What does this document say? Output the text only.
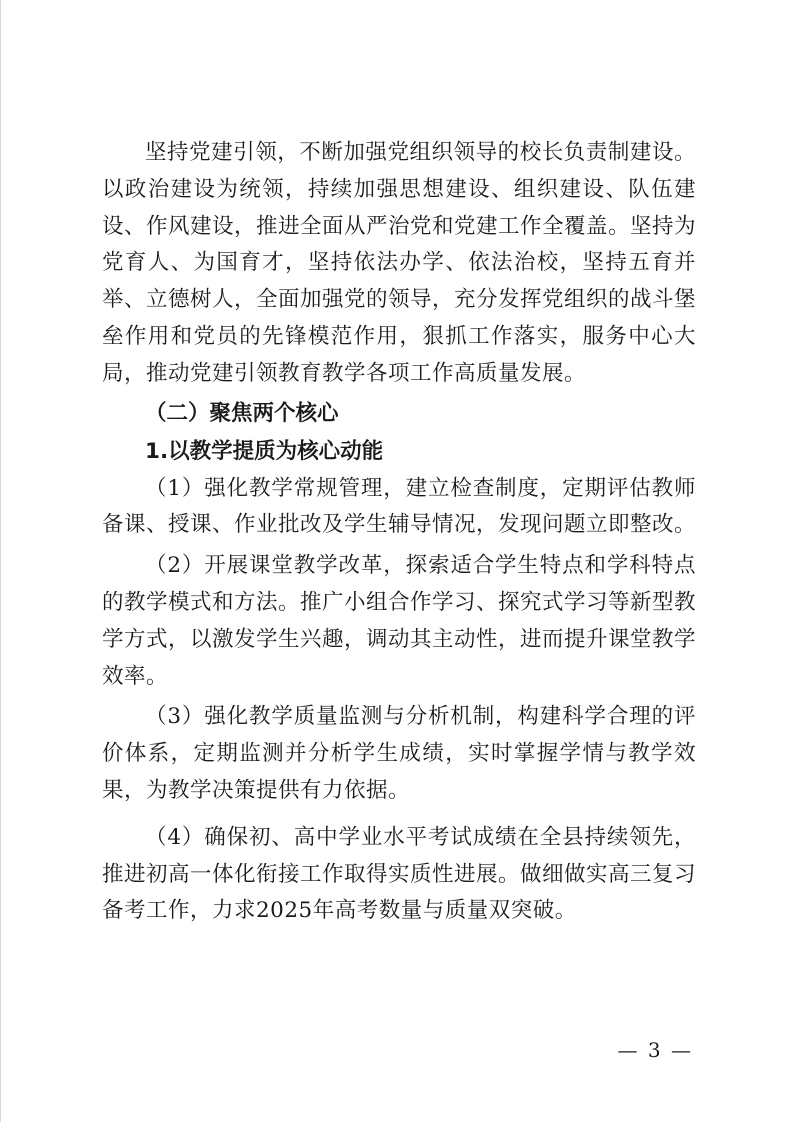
坚持党建引领，不断加强党组织领导的校长负责制建设。以政治建设为统领，持续加强思想建设、组织建设、队伍建设、作风建设，推进全面从严治党和党建工作全覆盖。坚持为党育人、为国育才，坚持依法办学、依法治校，坚持五育并举、立德树人，全面加强党的领导，充分发挥党组织的战斗堡垒作用和党员的先锋模范作用，狠抓工作落实，服务中心大局，推动党建引领教育教学各项工作高质量发展。

（二）聚焦两个核心

1.以教学提质为核心动能

（1）强化教学常规管理，建立检查制度，定期评估教师备课、授课、作业批改及学生辅导情况，发现问题立即整改。

（2）开展课堂教学改革，探索适合学生特点和学科特点的教学模式和方法。推广小组合作学习、探究式学习等新型教学方式，以激发学生兴趣，调动其主动性，进而提升课堂教学效率。

（3）强化教学质量监测与分析机制，构建科学合理的评价体系，定期监测并分析学生成绩，实时掌握学情与教学效果，为教学决策提供有力依据。

（4）确保初、高中学业水平考试成绩在全县持续领先，推进初高一体化衔接工作取得实质性进展。做细做实高三复习备考工作，力求2025年高考数量与质量双突破。

— 3 —
